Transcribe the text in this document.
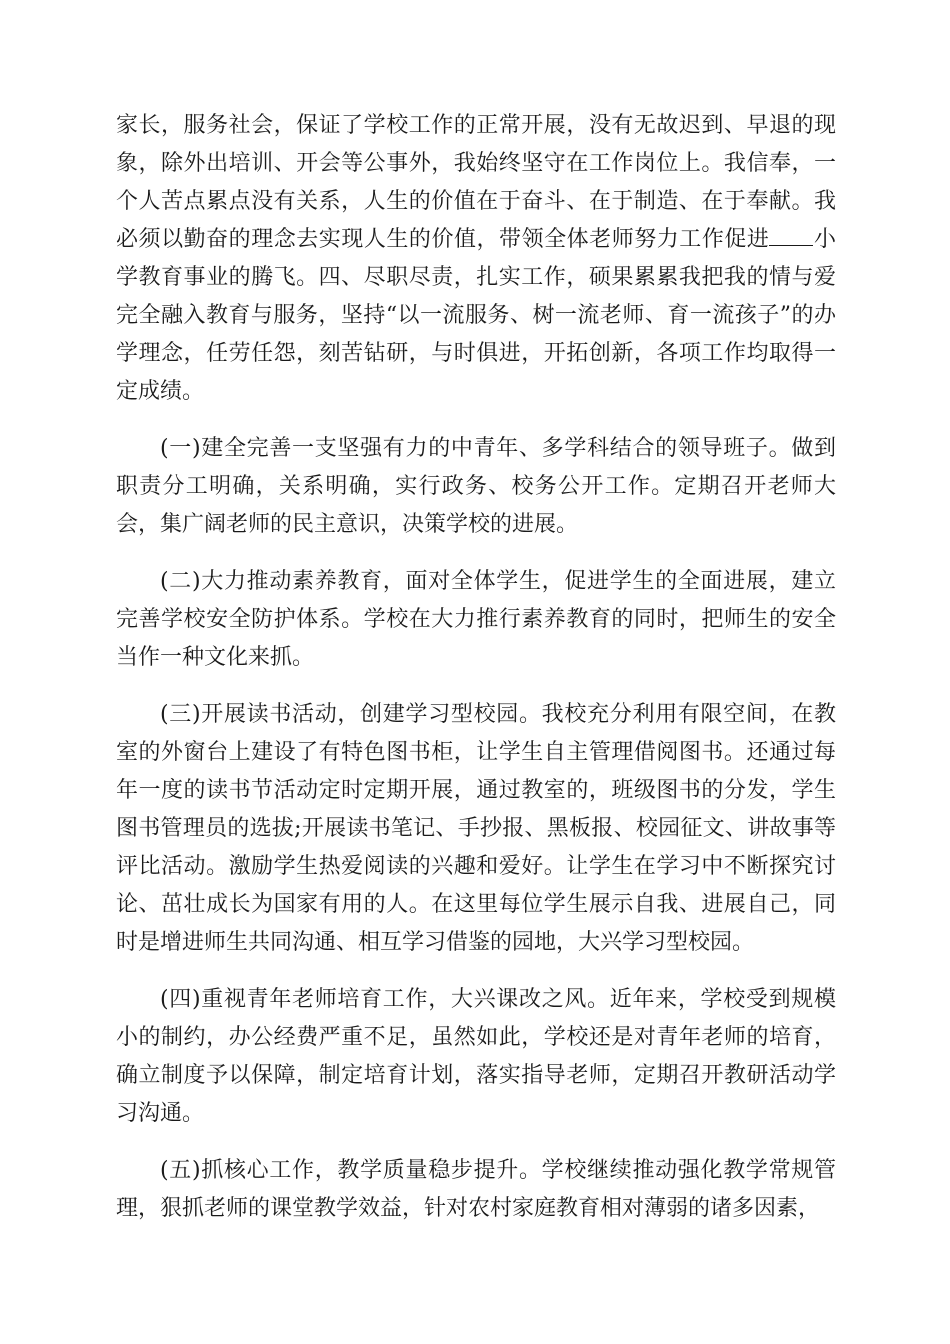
家长，服务社会，保证了学校工作的正常开展，没有无故迟到、早退的现象，除外出培训、开会等公事外，我始终坚守在工作岗位上。我信奉，一个人苦点累点没有关系，人生的价值在于奋斗、在于制造、在于奉献。我必须以勤奋的理念去实现人生的价值，带领全体老师努力工作促进 小学教育事业的腾飞。四、尽职尽责，扎实工作，硕果累累我把我的情与爱完全融入教育与服务，坚持“以一流服务、树一流老师、育一流孩子”的办学理念，任劳任怨，刻苦钻研，与时俱进，开拓创新，各项工作均取得一定成绩。

(一)建全完善一支坚强有力的中青年、多学科结合的领导班子。做到职责分工明确，关系明确，实行政务、校务公开工作。定期召开老师大会，集广阔老师的民主意识，决策学校的进展。

(二)大力推动素养教育，面对全体学生，促进学生的全面进展，建立完善学校安全防护体系。学校在大力推行素养教育的同时，把师生的安全当作一种文化来抓。

(三)开展读书活动，创建学习型校园。我校充分利用有限空间，在教室的外窗台上建设了有特色图书柜，让学生自主管理借阅图书。还通过每年一度的读书节活动定时定期开展，通过教室的，班级图书的分发，学生图书管理员的选拔;开展读书笔记、手抄报、黑板报、校园征文、讲故事等评比活动。激励学生热爱阅读的兴趣和爱好。让学生在学习中不断探究讨论、茁壮成长为国家有用的人。在这里每位学生展示自我、进展自己，同时是增进师生共同沟通、相互学习借鉴的园地，大兴学习型校园。

(四)重视青年老师培育工作，大兴课改之风。近年来，学校受到规模小的制约，办公经费严重不足，虽然如此，学校还是对青年老师的培育，确立制度予以保障，制定培育计划，落实指导老师，定期召开教研活动学习沟通。

(五)抓核心工作，教学质量稳步提升。学校继续推动强化教学常规管理，狠抓老师的课堂教学效益，针对农村家庭教育相对薄弱的诸多因素，
